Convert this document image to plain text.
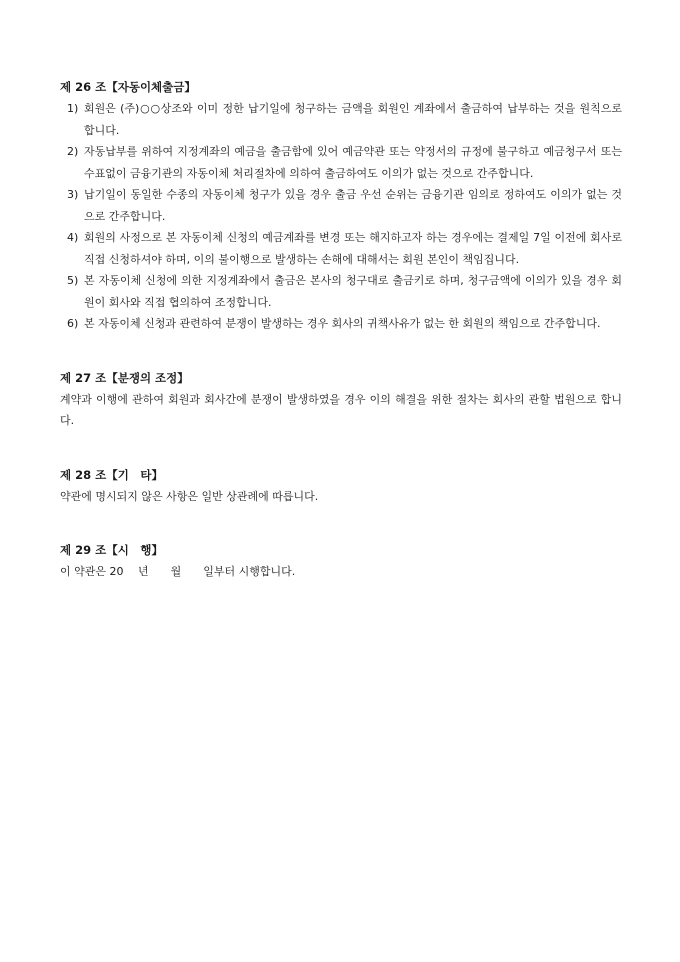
제 26 조【자동이체출금】
1) 회원은 (주)○○상조와 이미 정한 납기일에 청구하는 금액을 회원인 계좌에서 출금하여 납부하는 것을 원칙으로 합니다.
2) 자동납부를 위하여 지정계좌의 예금을 출금함에 있어 예금약관 또는 약정서의 규정에 불구하고 예금청구서 또는 수표없이 금융기관의 자동이체 처리절차에 의하여 출금하여도 이의가 없는 것으로 간주합니다.
3) 납기일이 동일한 수종의 자동이체 청구가 있을 경우 출금 우선 순위는 금융기관 임의로 정하여도 이의가 없는 것으로 간주합니다.
4) 회원의 사정으로 본 자동이체 신청의 예금계좌를 변경 또는 해지하고자 하는 경우에는 결제일 7일 이전에 회사로 직접 신청하셔야 하며, 이의 불이행으로 발생하는 손해에 대해서는 회원 본인이 책임집니다.
5) 본 자동이체 신청에 의한 지정계좌에서 출금은 본사의 청구대로 출금키로 하며, 청구금액에 이의가 있을 경우 회원이 회사와 직접 협의하여 조정합니다.
6) 본 자동이체 신청과 관련하여 분쟁이 발생하는 경우 회사의 귀책사유가 없는 한 회원의 책임으로 간주합니다.
제 27 조【분쟁의 조정】
계약과 이행에 관하여 회원과 회사간에 분쟁이 발생하였을 경우 이의 해결을 위한 절차는 회사의 관할 법원으로 합니다.
제 28 조【기　타】
약관에 명시되지 않은 사항은 일반 상관례에 따릅니다.
제 29 조【시　행】
이 약관은 20　 년　　월　　일부터 시행합니다.
